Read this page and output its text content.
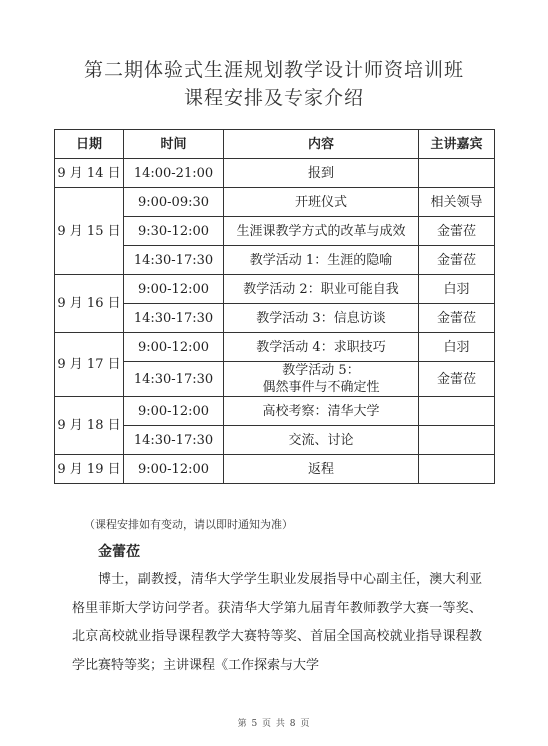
第二期体验式生涯规划教学设计师资培训班
课程安排及专家介绍
日期	时间	内容	主讲嘉宾
9 月 14 日	14:00-21:00	报到	
9 月 15 日	9:00-09:30	开班仪式	相关领导
	9:30-12:00	生涯课教学方式的改革与成效	金蕾莅
	14:30-17:30	教学活动 1：生涯的隐喻	金蕾莅
9 月 16 日	9:00-12:00	教学活动 2：职业可能自我	白羽
	14:30-17:30	教学活动 3：信息访谈	金蕾莅
9 月 17 日	9:00-12:00	教学活动 4：求职技巧	白羽
	14:30-17:30	教学活动 5：
偶然事件与不确定性	金蕾莅
9 月 18 日	9:00-12:00	高校考察：清华大学	
	14:30-17:30	交流、讨论	
9 月 19 日	9:00-12:00	返程	
（课程安排如有变动，请以即时通知为准）
金蕾莅

博士，副教授，清华大学学生职业发展指导中心副主任，澳大利亚格里菲斯大学访问学者。获清华大学第九届青年教师教学大赛一等奖、北京高校就业指导课程教学大赛特等奖、首届全国高校就业指导课程教学比赛特等奖；主讲课程《工作探索与大学

第 5 页 共 8 页
